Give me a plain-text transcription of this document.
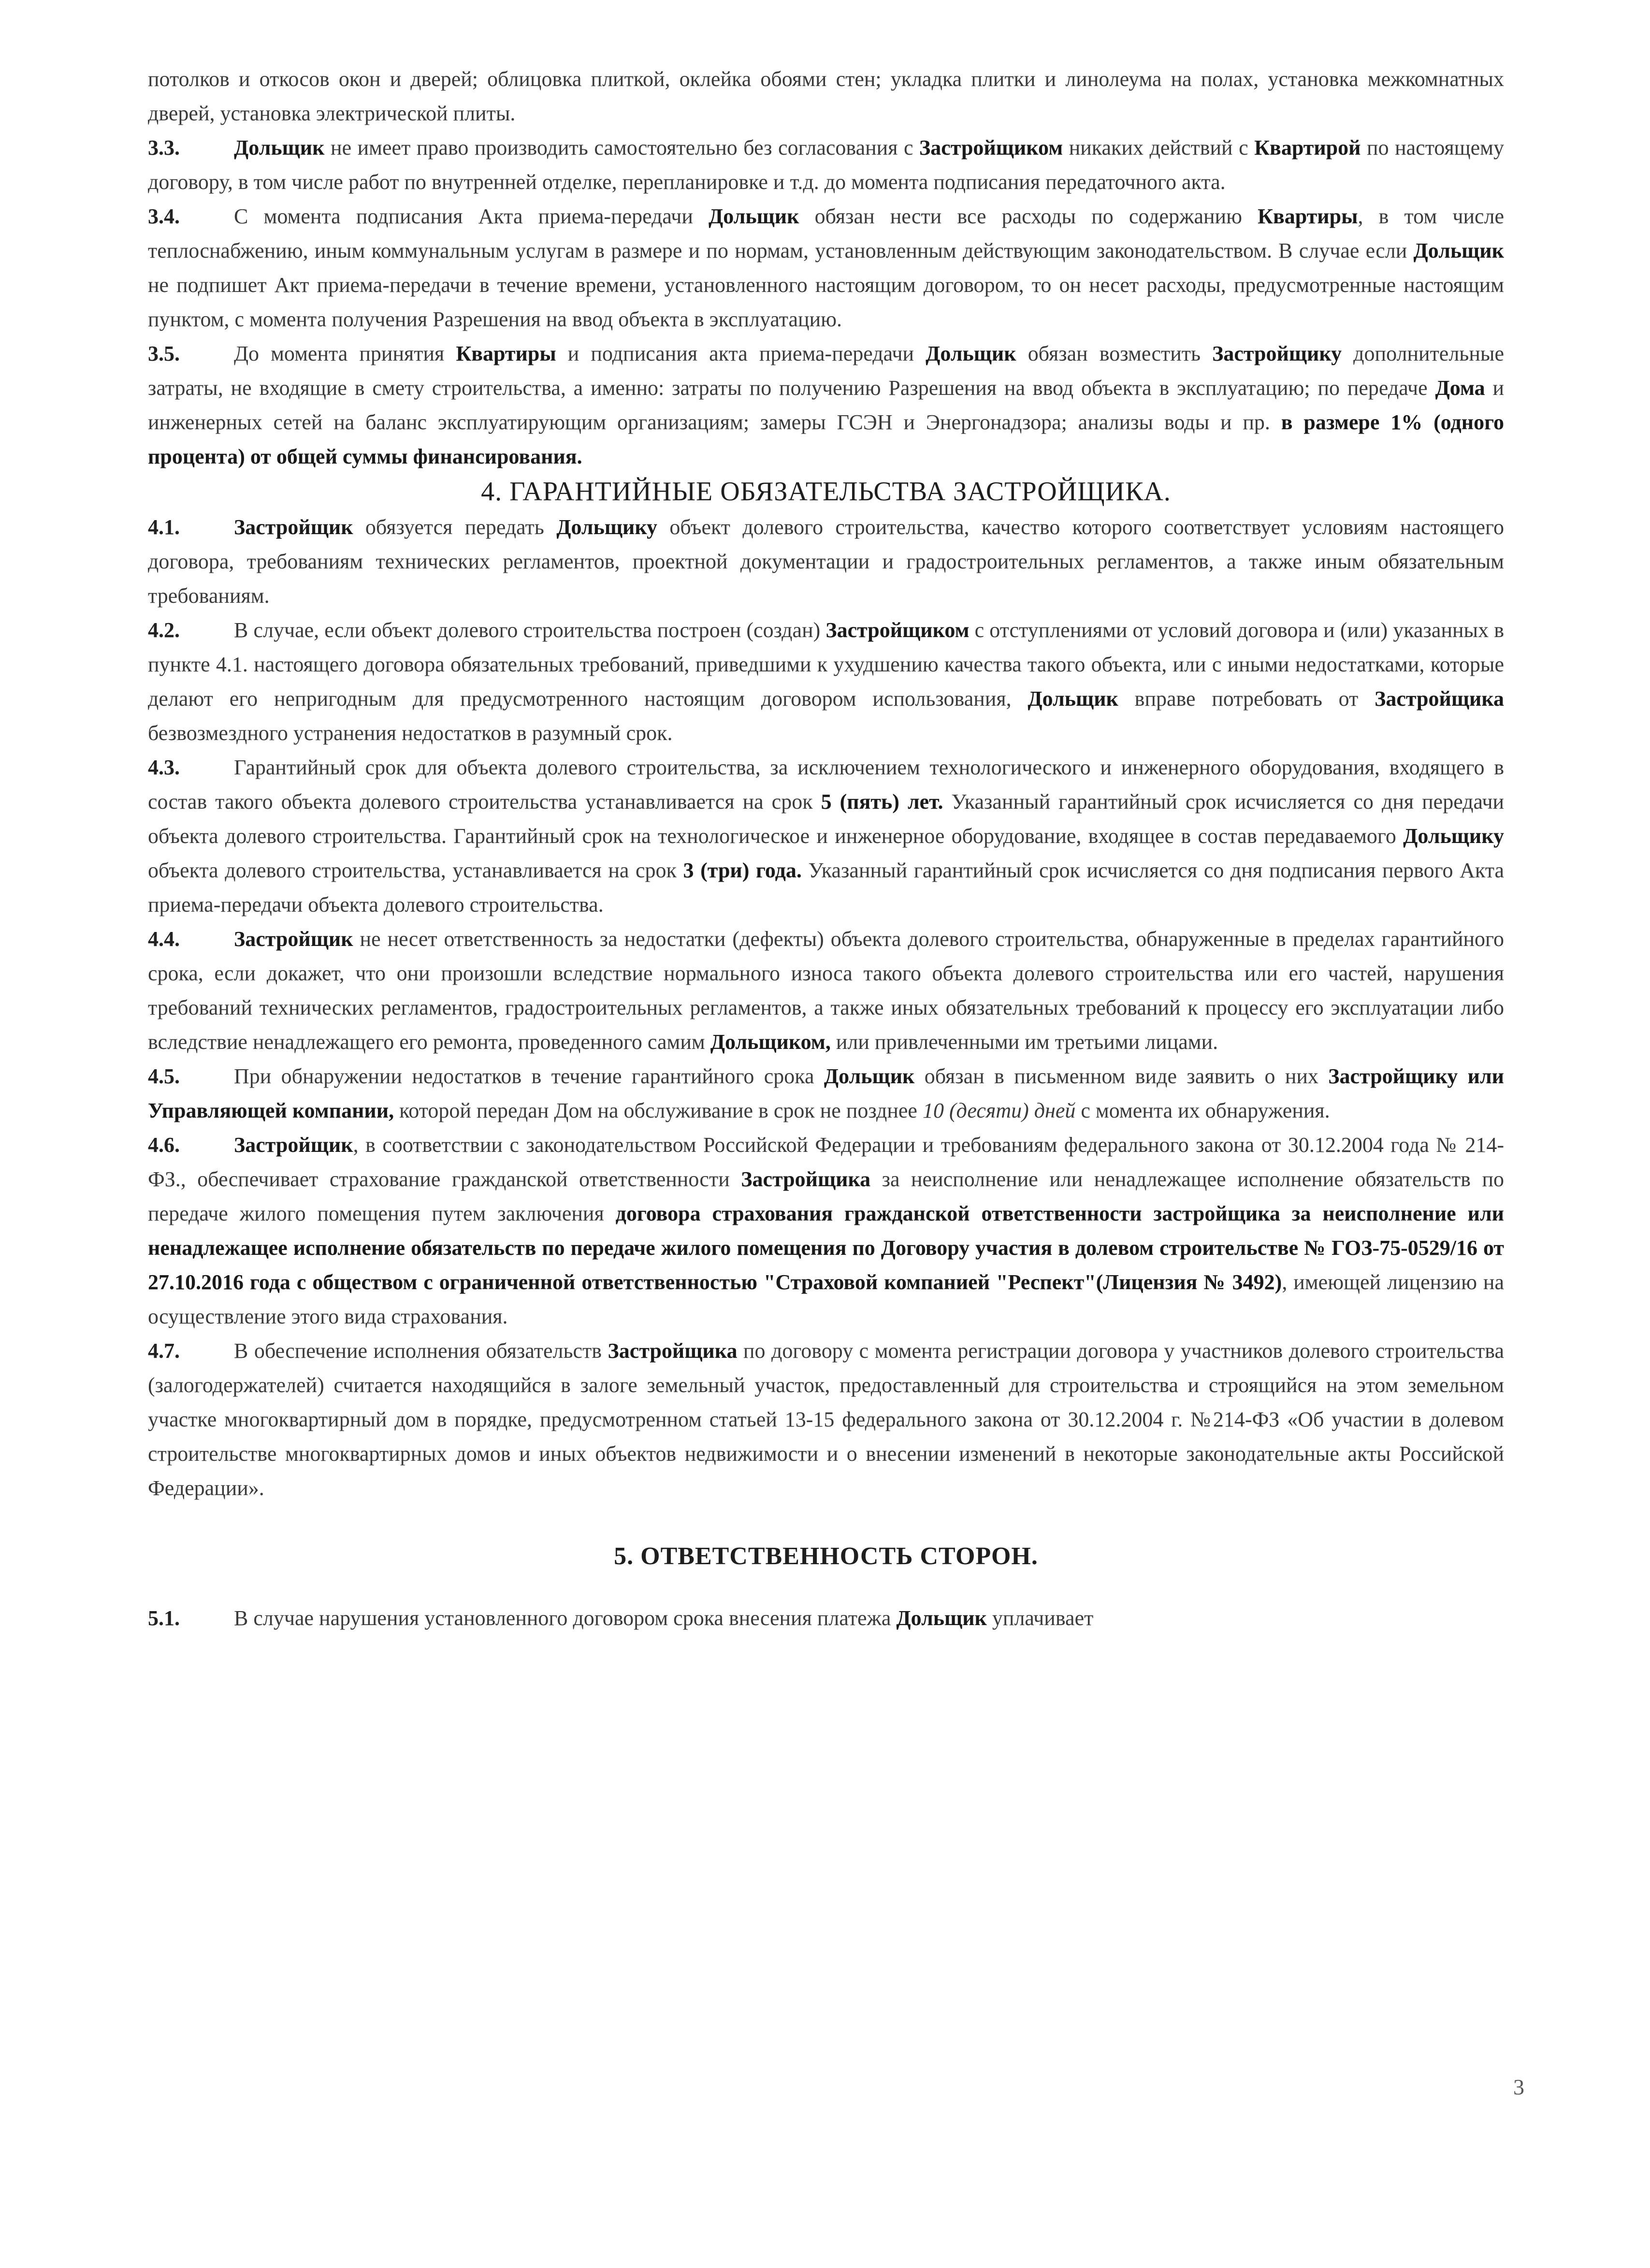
потолков и откосов окон и дверей; облицовка плиткой, оклейка обоями стен; укладка плитки и линолеума на полах, установка межкомнатных дверей, установка электрической плиты.

3.3.	Дольщик не имеет право производить самостоятельно без согласования с Застройщиком никаких действий с Квартирой по настоящему договору, в том числе работ по внутренней отделке, перепланировке и т.д. до момента подписания передаточного акта.

3.4.	С момента подписания Акта приема-передачи Дольщик обязан нести все расходы по содержанию Квартиры, в том числе теплоснабжению, иным коммунальным услугам в размере и по нормам, установленным действующим законодательством. В случае если Дольщик не подпишет Акт приема-передачи в течение времени, установленного настоящим договором, то он несет расходы, предусмотренные настоящим пунктом, с момента получения Разрешения на ввод объекта в эксплуатацию.

3.5.	До момента принятия Квартиры и подписания акта приема-передачи Дольщик обязан возместить Застройщику дополнительные затраты, не входящие в смету строительства, а именно: затраты по получению Разрешения на ввод объекта в эксплуатацию; по передаче Дома и инженерных сетей на баланс эксплуатирующим организациям; замеры ГСЭН и Энергонадзора; анализы воды и пр. в размере 1% (одного процента) от общей суммы финансирования.

4. ГАРАНТИЙНЫЕ ОБЯЗАТЕЛЬСТВА ЗАСТРОЙЩИКА.

4.1.	Застройщик обязуется передать Дольщику объект долевого строительства, качество которого соответствует условиям настоящего договора, требованиям технических регламентов, проектной документации и градостроительных регламентов, а также иным обязательным требованиям.

4.2.	В случае, если объект долевого строительства построен (создан) Застройщиком с отступлениями от условий договора и (или) указанных в пункте 4.1. настоящего договора обязательных требований, приведшими к ухудшению качества такого объекта, или с иными недостатками, которые делают его непригодным для предусмотренного настоящим договором использования, Дольщик вправе потребовать от Застройщика безвозмездного устранения недостатков в разумный срок.

4.3.	Гарантийный срок для объекта долевого строительства, за исключением технологического и инженерного оборудования, входящего в состав такого объекта долевого строительства устанавливается на срок 5 (пять) лет. Указанный гарантийный срок исчисляется со дня передачи объекта долевого строительства. Гарантийный срок на технологическое и инженерное оборудование, входящее в состав передаваемого Дольщику объекта долевого строительства, устанавливается на срок 3 (три) года. Указанный гарантийный срок исчисляется со дня подписания первого Акта приема-передачи объекта долевого строительства.

4.4.	Застройщик не несет ответственность за недостатки (дефекты) объекта долевого строительства, обнаруженные в пределах гарантийного срока, если докажет, что они произошли вследствие нормального износа такого объекта долевого строительства или его частей, нарушения требований технических регламентов, градостроительных регламентов, а также иных обязательных требований к процессу его эксплуатации либо вследствие ненадлежащего его ремонта, проведенного самим Дольщиком, или привлеченными им третьими лицами.

4.5.	При обнаружении недостатков в течение гарантийного срока Дольщик обязан в письменном виде заявить о них Застройщику или Управляющей компании, которой передан Дом на обслуживание в срок не позднее 10 (десяти) дней с момента их обнаружения.

4.6.	Застройщик, в соответствии с законодательством Российской Федерации и требованиям федерального закона от 30.12.2004 года № 214-ФЗ., обеспечивает страхование гражданской ответственности Застройщика за неисполнение или ненадлежащее исполнение обязательств по передаче жилого помещения путем заключения договора страхования гражданской ответственности застройщика за неисполнение или ненадлежащее исполнение обязательств по передаче жилого помещения по Договору участия в долевом строительстве № ГОЗ-75-0529/16 от 27.10.2016 года с обществом с ограниченной ответственностью "Страховой компанией "Респект"(Лицензия № 3492), имеющей лицензию на осуществление этого вида страхования.

4.7.	В обеспечение исполнения обязательств Застройщика по договору с момента регистрации договора у участников долевого строительства (залогодержателей) считается находящийся в залоге земельный участок, предоставленный для строительства и строящийся на этом земельном участке многоквартирный дом в порядке, предусмотренном статьей 13-15 федерального закона от 30.12.2004 г. №214-ФЗ «Об участии в долевом строительстве многоквартирных домов и иных объектов недвижимости и о внесении изменений в некоторые законодательные акты Российской Федерации».

5. ОТВЕТСТВЕННОСТЬ СТОРОН.

5.1.	В случае нарушения установленного договором срока внесения платежа Дольщик уплачивает

3
